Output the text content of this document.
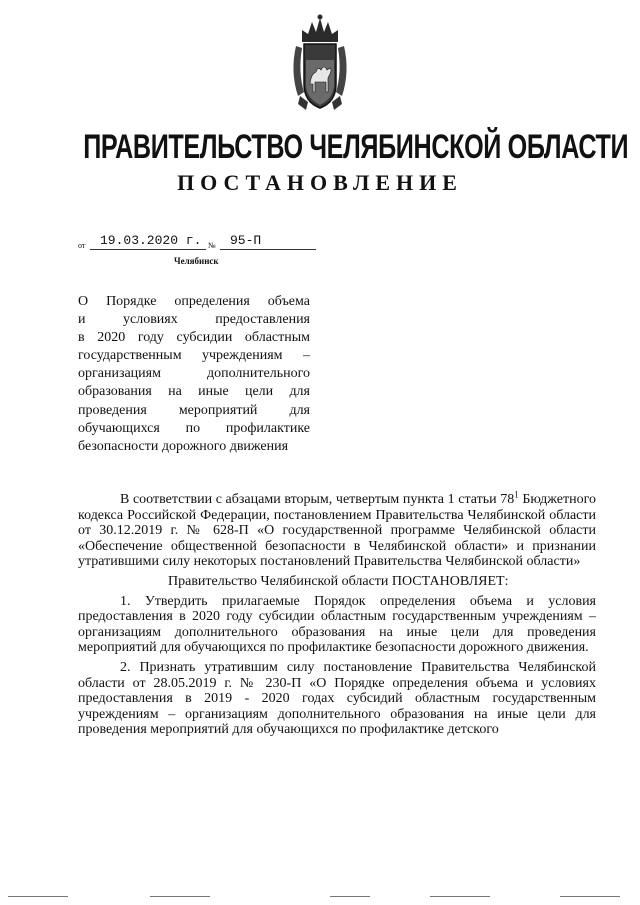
ПРАВИТЕЛЬСТВО ЧЕЛЯБИНСКОЙ ОБЛАСТИ
ПОСТАНОВЛЕНИЕ
от 19.03.2020 г. № 95-П
Челябинск
О Порядке определения объема
и условиях предоставления
в 2020 году субсидии областным
государственным учреждениям –
организациям дополнительного
образования на иные цели для
проведения мероприятий для
обучающихся по профилактике
безопасности дорожного движения

В соответствии с абзацами вторым, четвертым пункта 1 статьи $78^1$ Бюджетного кодекса Российской Федерации, постановлением Правительства Челябинской области от 30.12.2019 г. № 628-П «О государственной программе Челябинской области «Обеспечение общественной безопасности в Челябинской области» и признании утратившими силу некоторых постановлений Правительства Челябинской области»

Правительство Челябинской области ПОСТАНОВЛЯЕТ:

1. Утвердить прилагаемые Порядок определения объема и условия предоставления в 2020 году субсидии областным государственным учреждениям – организациям дополнительного образования на иные цели для проведения мероприятий для обучающихся по профилактике безопасности дорожного движения.

2. Признать утратившим силу постановление Правительства Челябинской области от 28.05.2019 г. № 230-П «О Порядке определения объема и условиях предоставления в 2019 - 2020 годах субсидий областным государственным учреждениям – организациям дополнительного образования на иные цели для проведения мероприятий для обучающихся по профилактике детского
